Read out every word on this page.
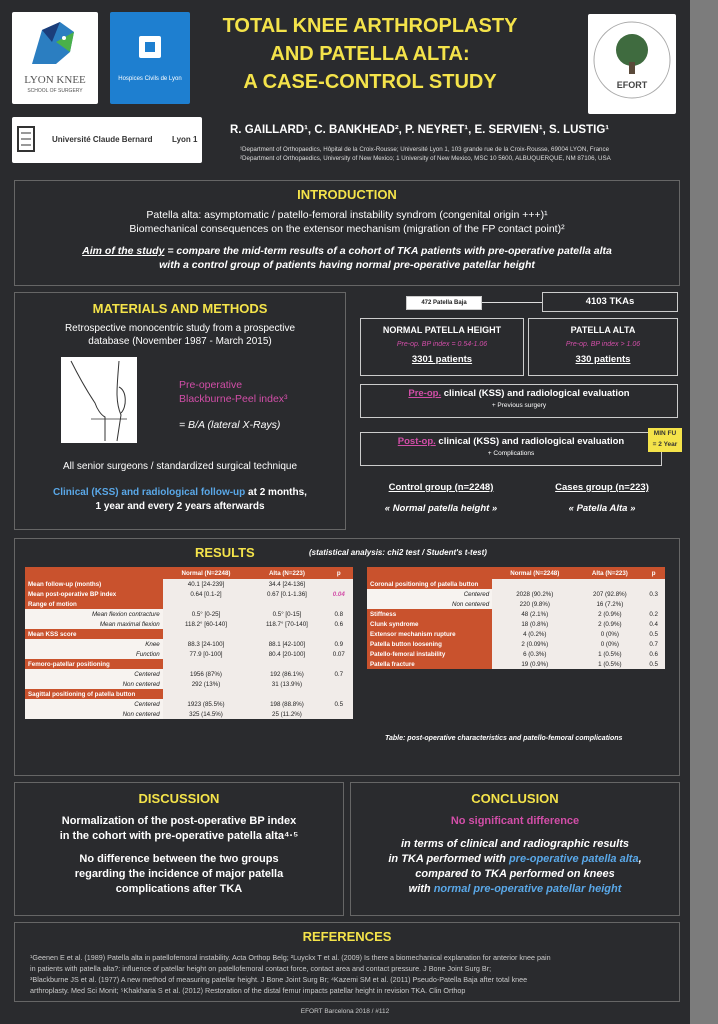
LYON KNEE
SCHOOL OF SURGERY
Hospices Civils de Lyon
Université Claude Bernard Lyon 1
EFORT
TOTAL KNEE ARTHROPLASTY
AND PATELLA ALTA:
A CASE-CONTROL STUDY
R. GAILLARD¹, C. BANKHEAD², P. NEYRET¹, E. SERVIEN¹, S. LUSTIG¹
¹Department of Orthopaedics, Hôpital de la Croix-Rousse; Université Lyon 1, 103 grande rue de la Croix-Rousse, 69004 LYON, France
²Department of Orthopaedics, University of New Mexico; 1 University of New Mexico, MSC 10 5600, ALBUQUERQUE, NM 87106, USA
INTRODUCTION
Patella alta: asymptomatic / patello-femoral instability syndrom (congenital origin +++)¹
Biomechanical consequences on the extensor mechanism (migration of the FP contact point)²
Aim of the study = compare the mid-term results of a cohort of TKA patients with pre-operative patella alta
with a control group of patients having normal pre-operative patellar height
MATERIALS AND METHODS
Retrospective monocentric study from a prospective
database (November 1987 - March 2015)
Pre-operative
Blackburne-Peel index³
= B/A (lateral X-Rays)
All senior surgeons / standardized surgical technique
Clinical (KSS) and radiological follow-up at 2 months,
1 year and every 2 years afterwards
472 Patella Baja	4103 TKAs
NORMAL PATELLA HEIGHT
Pre-op. BP index = 0.54-1.06
3301 patients
PATELLA ALTA
Pre-op. BP index > 1.06
330 patients
Pre-op. clinical (KSS) and radiological evaluation
+ Previous surgery
Post-op. clinical (KSS) and radiological evaluation
+ Complications
MIN FU
= 2 Year
Control group (n=2248)
« Normal patella height »
Cases group (n=223)
« Patella Alta »
RESULTS	(statistical analysis: chi2 test / Student's t-test)
	Normal (N=2248)	Alta (N=223)	p
Mean follow-up (months)	40.1 [24-239]	34.4 [24-136]	
Mean post-operative BP index	0.64 [0.1-2]	0.67 [0.1-1.36]	0.04
Range of motion			
Mean flexion contracture	0.5° [0-25]	0.5° [0-15]	0.8
Mean maximal flexion	118.2° [60-140]	118.7° [70-140]	0.6
Mean KSS score			
Knee	88.3 [24-100]	88.1 [42-100]	0.9
Function	77.9 [0-100]	80.4 [20-100]	0.07
Femoro-patellar positioning			
Centered	1956 (87%)	192 (86.1%)	0.7
Non centered	292 (13%)	31 (13.9%)	
Sagittal positioning of patella button			
Centered	1923 (85.5%)	198 (88.8%)	0.5
Non centered	325 (14.5%)	25 (11.2%)	
	Normal (N=2248)	Alta (N=223)	p
Coronal positioning of patella button			
Centered	2028 (90.2%)	207 (92.8%)	0.3
Non centered	220 (9.8%)	16 (7.2%)	
Stiffness	48 (2.1%)	2 (0.9%)	0.2
Clunk syndrome	18 (0.8%)	2 (0.9%)	0.4
Extensor mechanism rupture	4 (0.2%)	0 (0%)	0.5
Patella button loosening	2 (0.09%)	0 (0%)	0.7
Patello-femoral instability	6 (0.3%)	1 (0.5%)	0.6
Patella fracture	19 (0.9%)	1 (0.5%)	0.5
Table: post-operative characteristics and patello-femoral complications
DISCUSSION
Normalization of the post-operative BP index
in the cohort with pre-operative patella alta⁴·⁵
No difference between the two groups
regarding the incidence of major patella
complications after TKA
CONCLUSION
No significant difference
in terms of clinical and radiographic results
in TKA performed with pre-operative patella alta,
compared to TKA performed on knees
with normal pre-operative patellar height
REFERENCES
¹Geenen E et al. (1989) Patella alta in patellofemoral instability. Acta Orthop Belg; ²Luyckx T et al. (2009) Is there a biomechanical explanation for anterior knee pain
in patients with patella alta?: influence of patellar height on patellofemoral contact force, contact area and contact pressure. J Bone Joint Surg Br;
³Blackburne JS et al. (1977) A new method of measuring patellar height. J Bone Joint Surg Br; ⁴Kazemi SM et al. (2011) Pseudo-Patella Baja after total knee
arthroplasty. Med Sci Monit; ⁵Khakharia S et al. (2012) Restoration of the distal femur impacts patellar height in revision TKA. Clin Orthop
EFORT Barcelona 2018 / #112
